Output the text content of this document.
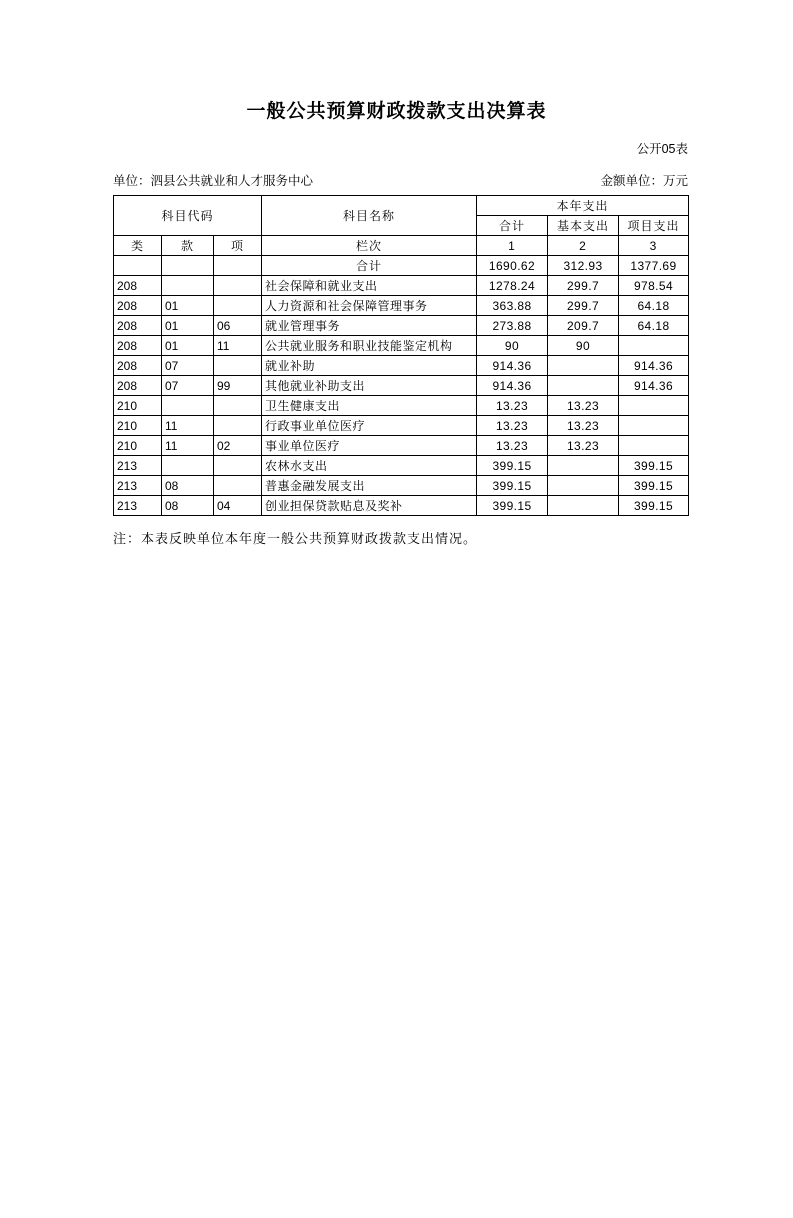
一般公共预算财政拨款支出决算表
公开05表
单位：泗县公共就业和人才服务中心	金额单位：万元
科目代码			科目名称	本年支出		
				合计	基本支出	项目支出
类	款	项	栏次	1	2	3
			合计	1690.62	312.93	1377.69
208			社会保障和就业支出	1278.24	299.7	978.54
208	01		人力资源和社会保障管理事务	363.88	299.7	64.18
208	01	06	就业管理事务	273.88	209.7	64.18
208	01	11	公共就业服务和职业技能鉴定机构	90	90	
208	07		就业补助	914.36		914.36
208	07	99	其他就业补助支出	914.36		914.36
210			卫生健康支出	13.23	13.23	
210	11		行政事业单位医疗	13.23	13.23	
210	11	02	事业单位医疗	13.23	13.23	
213			农林水支出	399.15		399.15
213	08		普惠金融发展支出	399.15		399.15
213	08	04	创业担保贷款贴息及奖补	399.15		399.15
注：本表反映单位本年度一般公共预算财政拨款支出情况。
